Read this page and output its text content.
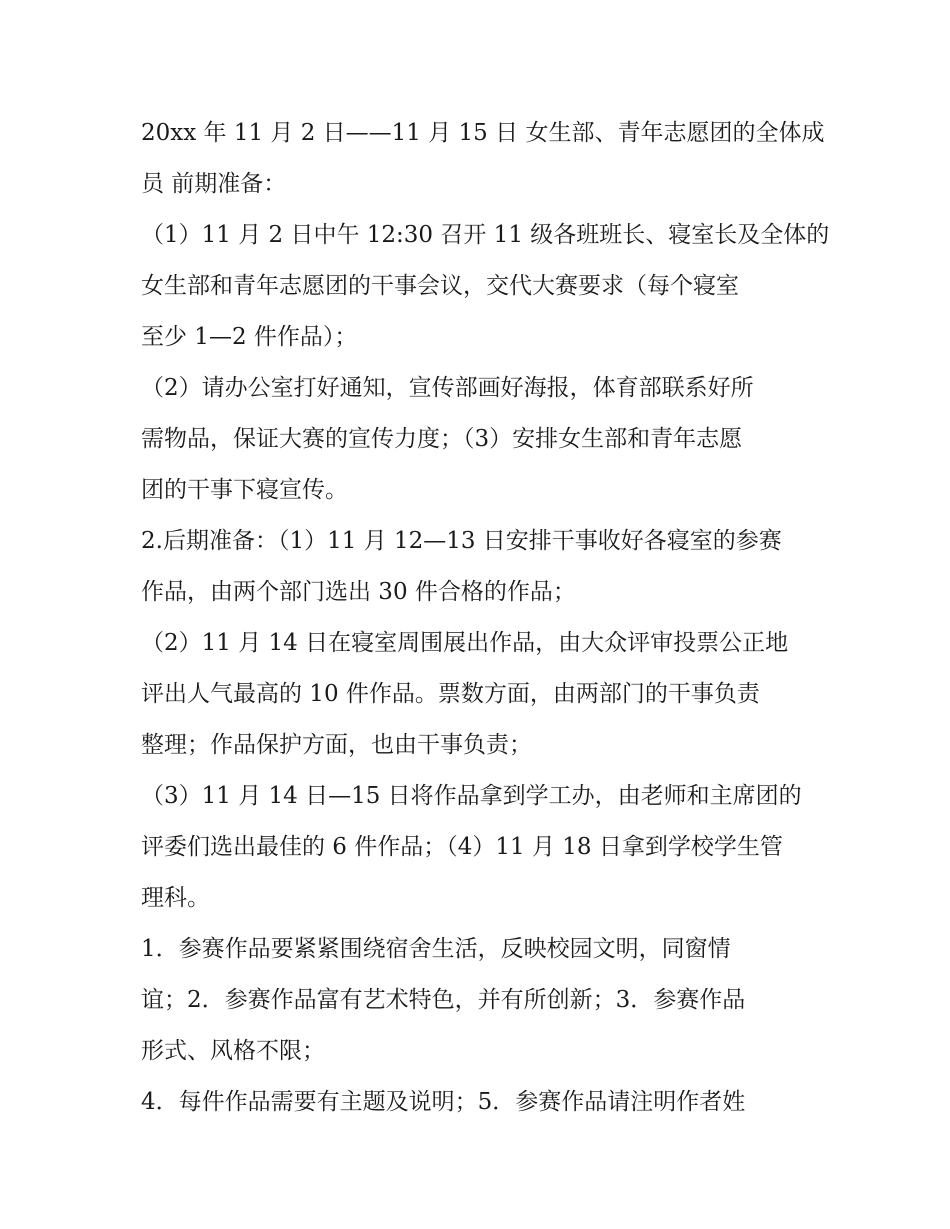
20xx 年 11 月 2 日——11 月 15 日 女生部、青年志愿团的全体成
员 前期准备：
（1）11 月 2 日中午 12:30 召开 11 级各班班长、寝室长及全体的
女生部和青年志愿团的干事会议，交代大赛要求（每个寝室
至少 1—2 件作品）；
（2）请办公室打好通知，宣传部画好海报，体育部联系好所
需物品，保证大赛的宣传力度；（3）安排女生部和青年志愿
团的干事下寝宣传。
2.后期准备：（1）11 月 12—13 日安排干事收好各寝室的参赛
作品，由两个部门选出 30 件合格的作品；
（2）11 月 14 日在寝室周围展出作品，由大众评审投票公正地
评出人气最高的 10 件作品。票数方面，由两部门的干事负责
整理；作品保护方面，也由干事负责；
（3）11 月 14 日—15 日将作品拿到学工办，由老师和主席团的
评委们选出最佳的 6 件作品；（4）11 月 18 日拿到学校学生管
理科。
1．参赛作品要紧紧围绕宿舍生活，反映校园文明，同窗情
谊；2．参赛作品富有艺术特色，并有所创新；3．参赛作品
形式、风格不限；
4．每件作品需要有主题及说明；5．参赛作品请注明作者姓
